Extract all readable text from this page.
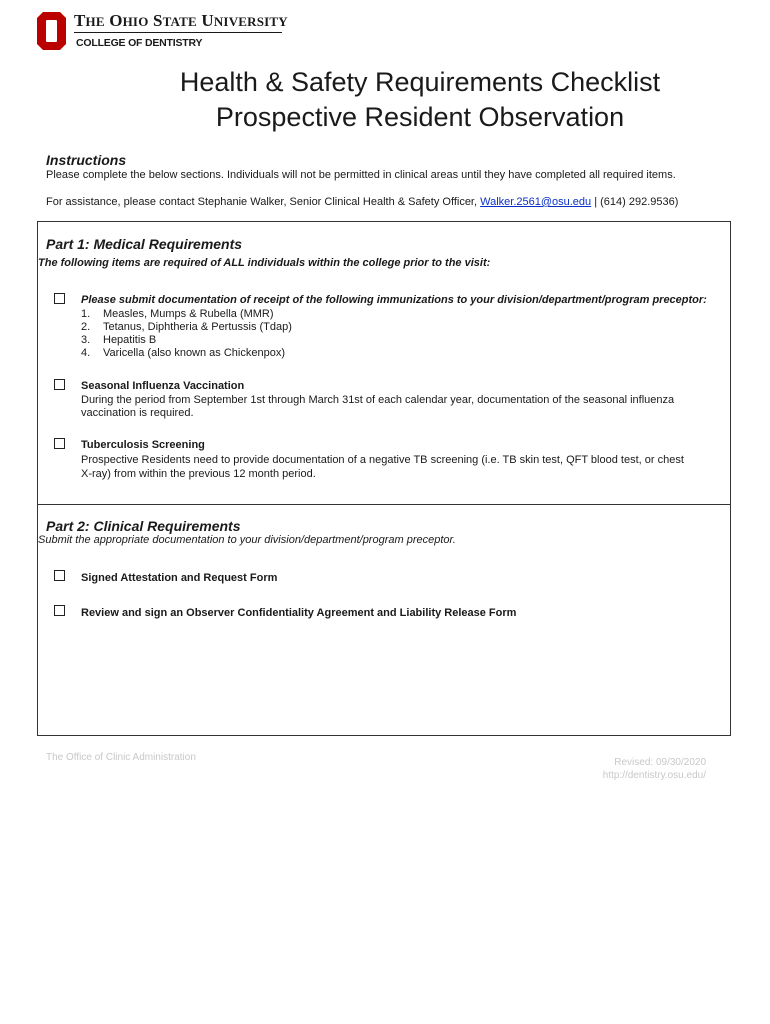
THE OHIO STATE UNIVERSITY
COLLEGE OF DENTISTRY
Health & Safety Requirements Checklist
Prospective Resident Observation
Instructions
Please complete the below sections. Individuals will not be permitted in clinical areas until they have completed all required items.
For assistance, please contact Stephanie Walker, Senior Clinical Health & Safety Officer, Walker.2561@osu.edu | (614) 292.9536)
Part 1: Medical Requirements
The following items are required of ALL individuals within the college prior to the visit:
Please submit documentation of receipt of the following immunizations to your division/department/program preceptor:
1. Measles, Mumps & Rubella (MMR)
2. Tetanus, Diphtheria & Pertussis (Tdap)
3. Hepatitis B
4. Varicella (also known as Chickenpox)
Seasonal Influenza Vaccination
During the period from September 1st through March 31st of each calendar year, documentation of the seasonal influenza
vaccination is required.
Tuberculosis Screening
Prospective Residents need to provide documentation of a negative TB screening (i.e. TB skin test, QFT blood test, or chest
X-ray) from within the previous 12 month period.
Part 2: Clinical Requirements
Submit the appropriate documentation to your division/department/program preceptor.
Signed Attestation and Request Form
Review and sign an Observer Confidentiality Agreement and Liability Release Form
The Office of Clinic Administration	Revised: 09/30/2020
http://dentistry.osu.edu/
